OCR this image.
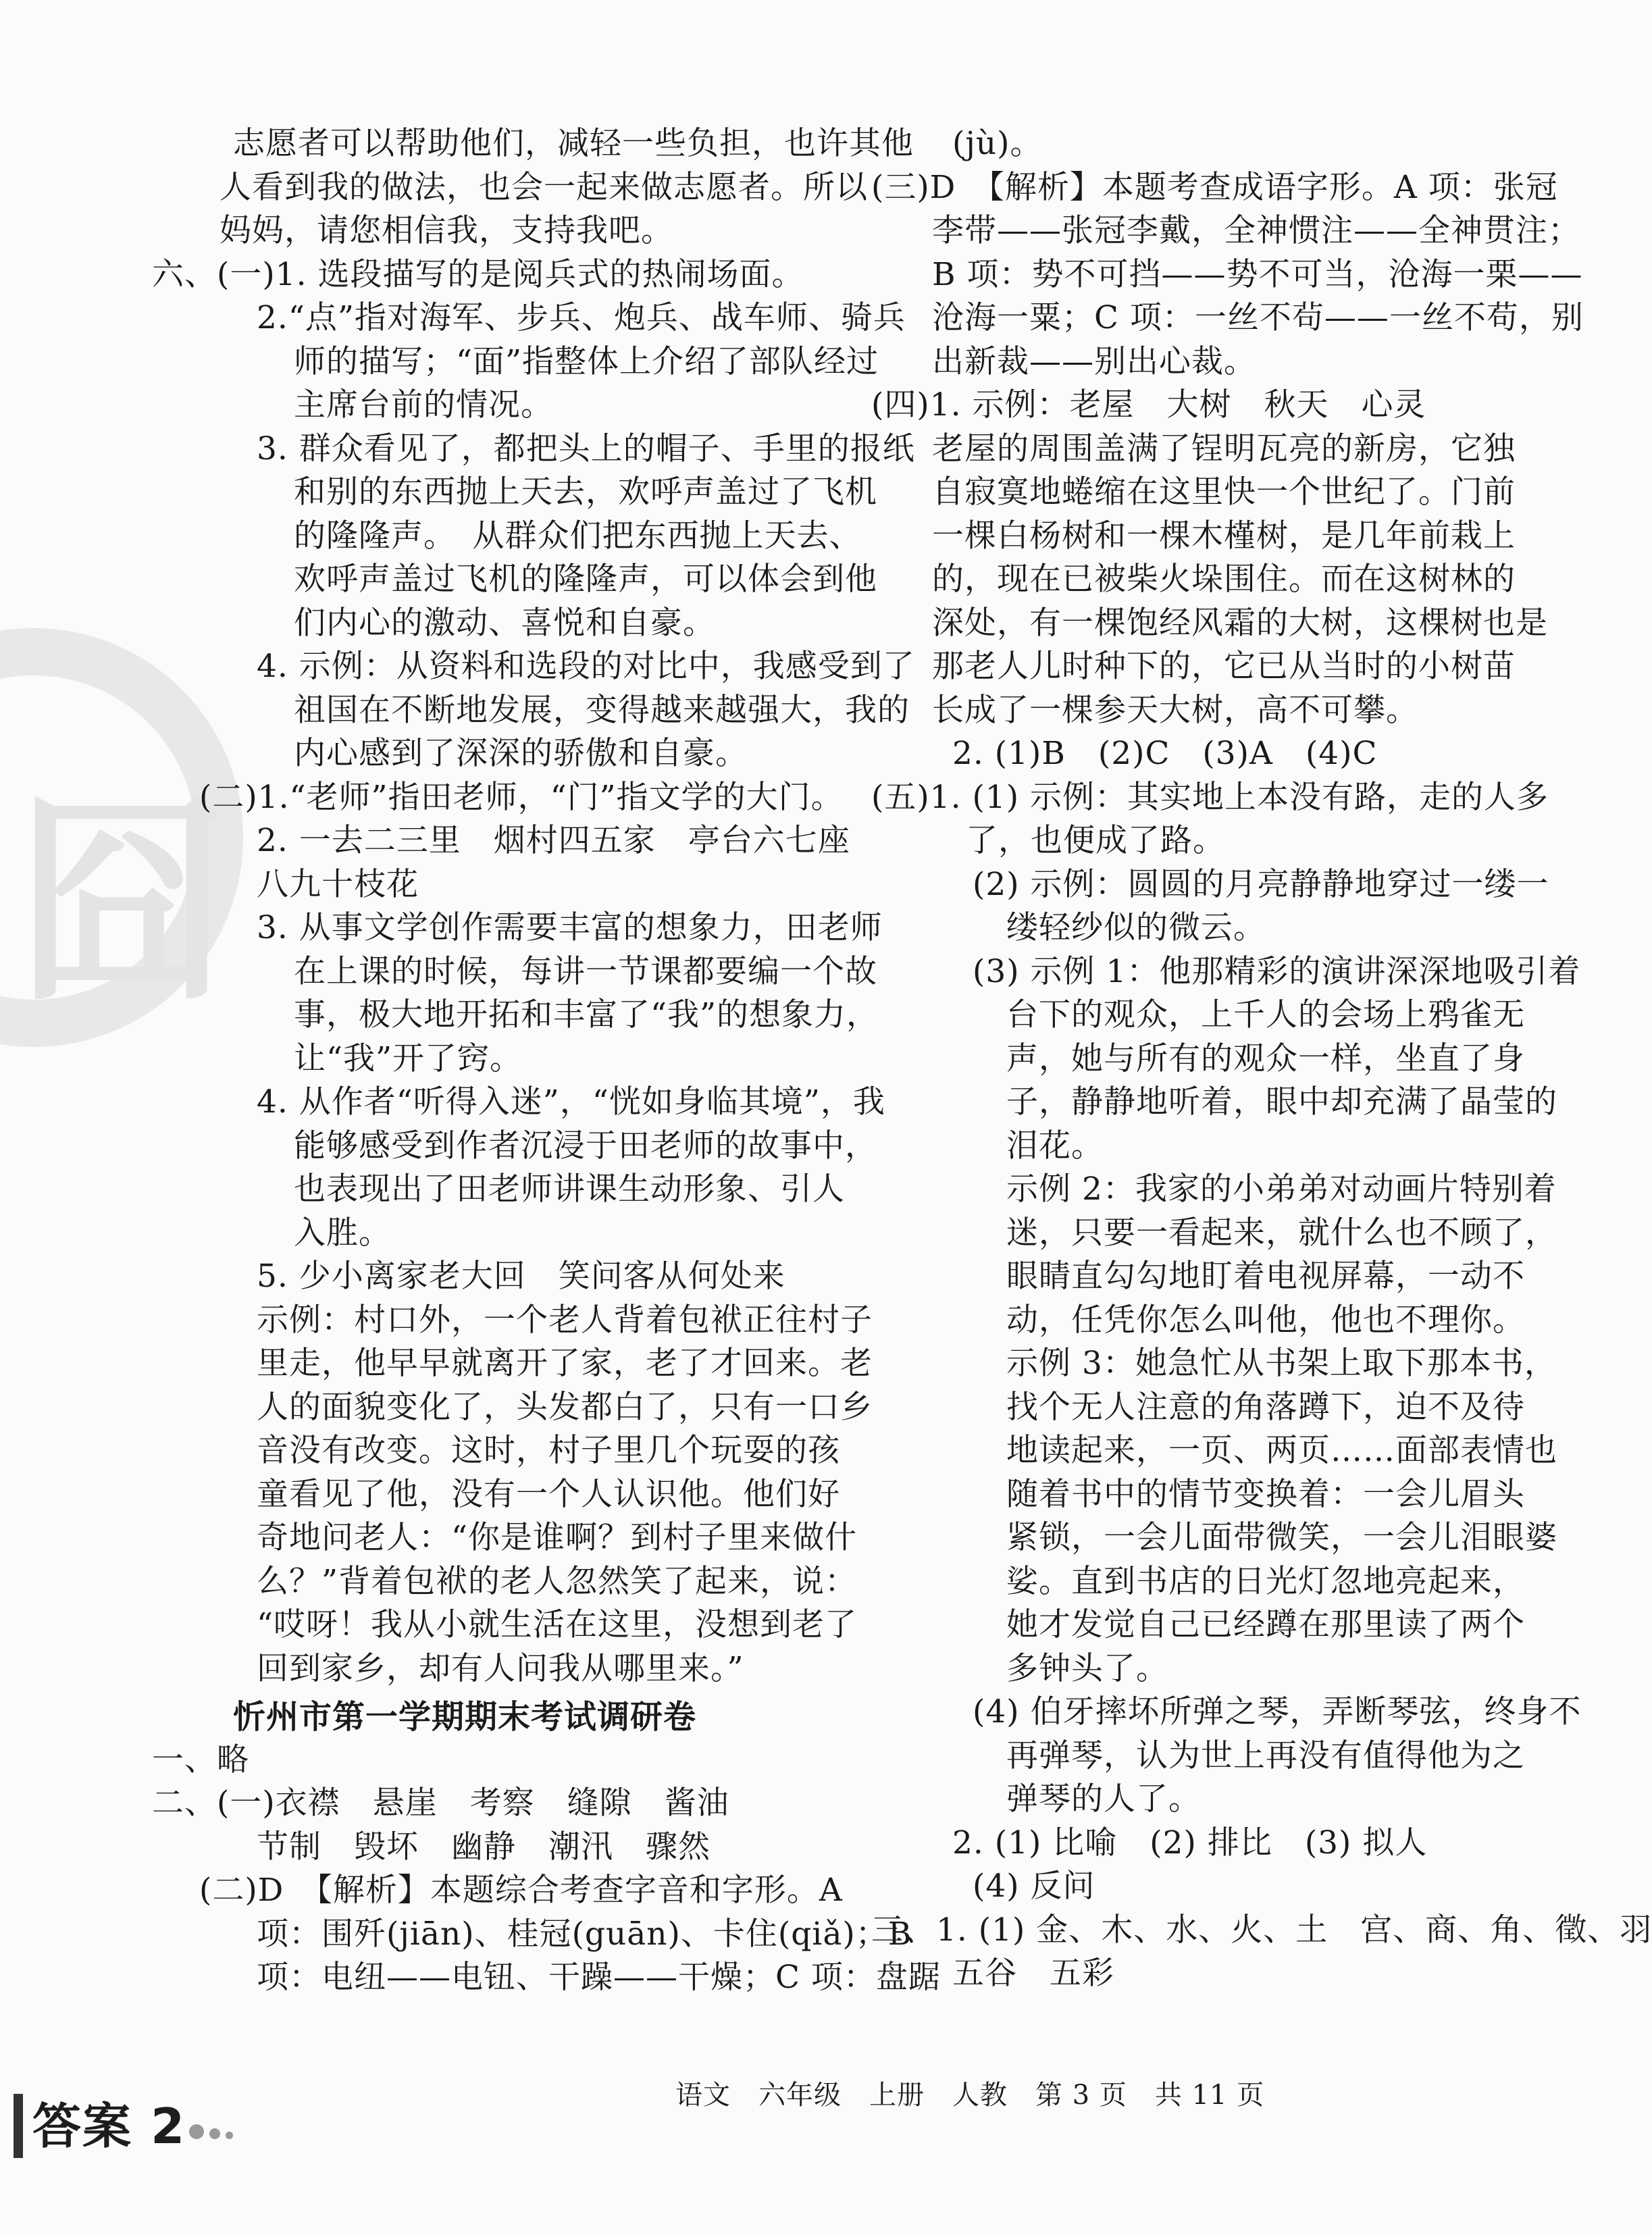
囧
志愿者可以帮助他们，减轻一些负担，也许其他
人看到我的做法，也会一起来做志愿者。所以
妈妈，请您相信我，支持我吧。
六、(一)1. 选段描写的是阅兵式的热闹场面。
2.“点”指对海军、步兵、炮兵、战车师、骑兵
师的描写；“面”指整体上介绍了部队经过
主席台前的情况。
3. 群众看见了，都把头上的帽子、手里的报纸
和别的东西抛上天去，欢呼声盖过了飞机
的隆隆声。　从群众们把东西抛上天去、
欢呼声盖过飞机的隆隆声，可以体会到他
们内心的激动、喜悦和自豪。
4. 示例：从资料和选段的对比中，我感受到了
祖国在不断地发展，变得越来越强大，我的
内心感到了深深的骄傲和自豪。
(二)1.“老师”指田老师，“门”指文学的大门。
2. 一去二三里　烟村四五家　亭台六七座
八九十枝花
3. 从事文学创作需要丰富的想象力，田老师
在上课的时候，每讲一节课都要编一个故
事，极大地开拓和丰富了“我”的想象力，
让“我”开了窍。
4. 从作者“听得入迷”，“恍如身临其境”，我
能够感受到作者沉浸于田老师的故事中，
也表现出了田老师讲课生动形象、引人
入胜。
5. 少小离家老大回　笑问客从何处来
示例：村口外，一个老人背着包袱正往村子
里走，他早早就离开了家，老了才回来。老
人的面貌变化了，头发都白了，只有一口乡
音没有改变。这时，村子里几个玩耍的孩
童看见了他，没有一个人认识他。他们好
奇地问老人：“你是谁啊？到村子里来做什
么？”背着包袱的老人忽然笑了起来，说：
“哎呀！我从小就生活在这里，没想到老了
回到家乡，却有人问我从哪里来。”
忻州市第一学期期末考试调研卷
一、略
二、(一)衣襟　悬崖　考察　缝隙　酱油
节制　毁坏　幽静　潮汛　骤然
(二)D　【解析】本题综合考查字音和字形。A
项：围歼(jiān)、桂冠(guān)、卡住(qiǎ)；B
项：电纽——电钮、干躁——干燥；C 项：盘踞
(jù)。
(三)D　【解析】本题考查成语字形。A 项：张冠
李带——张冠李戴，全神惯注——全神贯注；
B 项：势不可挡——势不可当，沧海一栗——
沧海一粟；C 项：一丝不茍——一丝不苟，别
出新裁——别出心裁。
(四)1. 示例：老屋　大树　秋天　心灵
老屋的周围盖满了锃明瓦亮的新房，它独
自寂寞地蜷缩在这里快一个世纪了。门前
一棵白杨树和一棵木槿树，是几年前栽上
的，现在已被柴火垛围住。而在这树林的
深处，有一棵饱经风霜的大树，这棵树也是
那老人儿时种下的，它已从当时的小树苗
长成了一棵参天大树，高不可攀。
2. (1)B　(2)C　(3)A　(4)C
(五)1. (1) 示例：其实地上本没有路，走的人多
了，也便成了路。
(2) 示例：圆圆的月亮静静地穿过一缕一
缕轻纱似的微云。
(3) 示例 1：他那精彩的演讲深深地吸引着
台下的观众，上千人的会场上鸦雀无
声，她与所有的观众一样，坐直了身
子，静静地听着，眼中却充满了晶莹的
泪花。
示例 2：我家的小弟弟对动画片特别着
迷，只要一看起来，就什么也不顾了，
眼睛直勾勾地盯着电视屏幕，一动不
动，任凭你怎么叫他，他也不理你。
示例 3：她急忙从书架上取下那本书，
找个无人注意的角落蹲下，迫不及待
地读起来，一页、两页……面部表情也
随着书中的情节变换着：一会儿眉头
紧锁，一会儿面带微笑，一会儿泪眼婆
娑。直到书店的日光灯忽地亮起来，
她才发觉自己已经蹲在那里读了两个
多钟头了。
(4) 伯牙摔坏所弹之琴，弄断琴弦，终身不
再弹琴，认为世上再没有值得他为之
弹琴的人了。
2. (1) 比喻　(2) 排比　(3) 拟人
(4) 反问
三、1. (1) 金、木、水、火、土　宫、商、角、徵、羽
五谷　五彩
答案 2
语文　六年级　上册　人教　第 3 页　共 11 页
